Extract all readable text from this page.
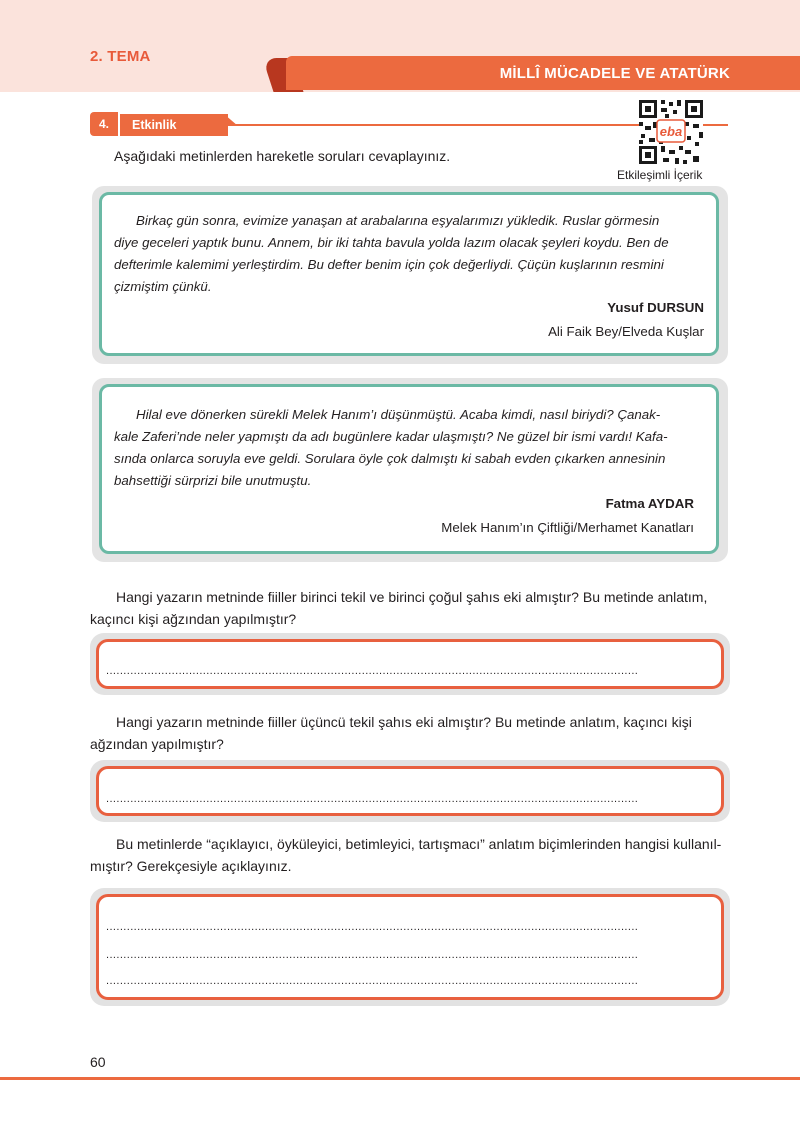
2. TEMA
MİLLÎ MÜCADELE VE ATATÜRK
4.	Etkinlik	eba
Etkileşimli İçerik
Aşağıdaki metinlerden hareketle soruları cevaplayınız.
Birkaç gün sonra, evimize yanaşan at arabalarına eşyalarımızı yükledik. Ruslar görmesin
diye geceleri yaptık bunu. Annem, bir iki tahta bavula yolda lazım olacak şeyleri koydu. Ben de
defterimle kalemimi yerleştirdim. Bu defter benim için çok değerliydi. Çüçün kuşlarının resmini
çizmiştim çünkü.
Yusuf DURSUN
Ali Faik Bey/Elveda Kuşlar
Hilal eve dönerken sürekli Melek Hanım’ı düşünmüştü. Acaba kimdi, nasıl biriydi? Çanak-
kale Zaferi’nde neler yapmıştı da adı bugünlere kadar ulaşmıştı? Ne güzel bir ismi vardı! Kafa-
sında onlarca soruyla eve geldi. Sorulara öyle çok dalmıştı ki sabah evden çıkarken annesinin
bahsettiği sürprizi bile unutmuştu.
Fatma AYDAR
Melek Hanım’ın Çiftliği/Merhamet Kanatları
Hangi yazarın metninde fiiller birinci tekil ve birinci çoğul şahıs eki almıştır? Bu metinde anlatım,
kaçıncı kişi ağzından yapılmıştır?
..........................................................................................................................................................
Hangi yazarın metninde fiiller üçüncü tekil şahıs eki almıştır? Bu metinde anlatım, kaçıncı kişi
ağzından yapılmıştır?
..........................................................................................................................................................
Bu metinlerde “açıklayıcı, öyküleyici, betimleyici, tartışmacı” anlatım biçimlerinden hangisi kullanıl-
mıştır? Gerekçesiyle açıklayınız.
..........................................................................................................................................................
..........................................................................................................................................................
..........................................................................................................................................................
60
